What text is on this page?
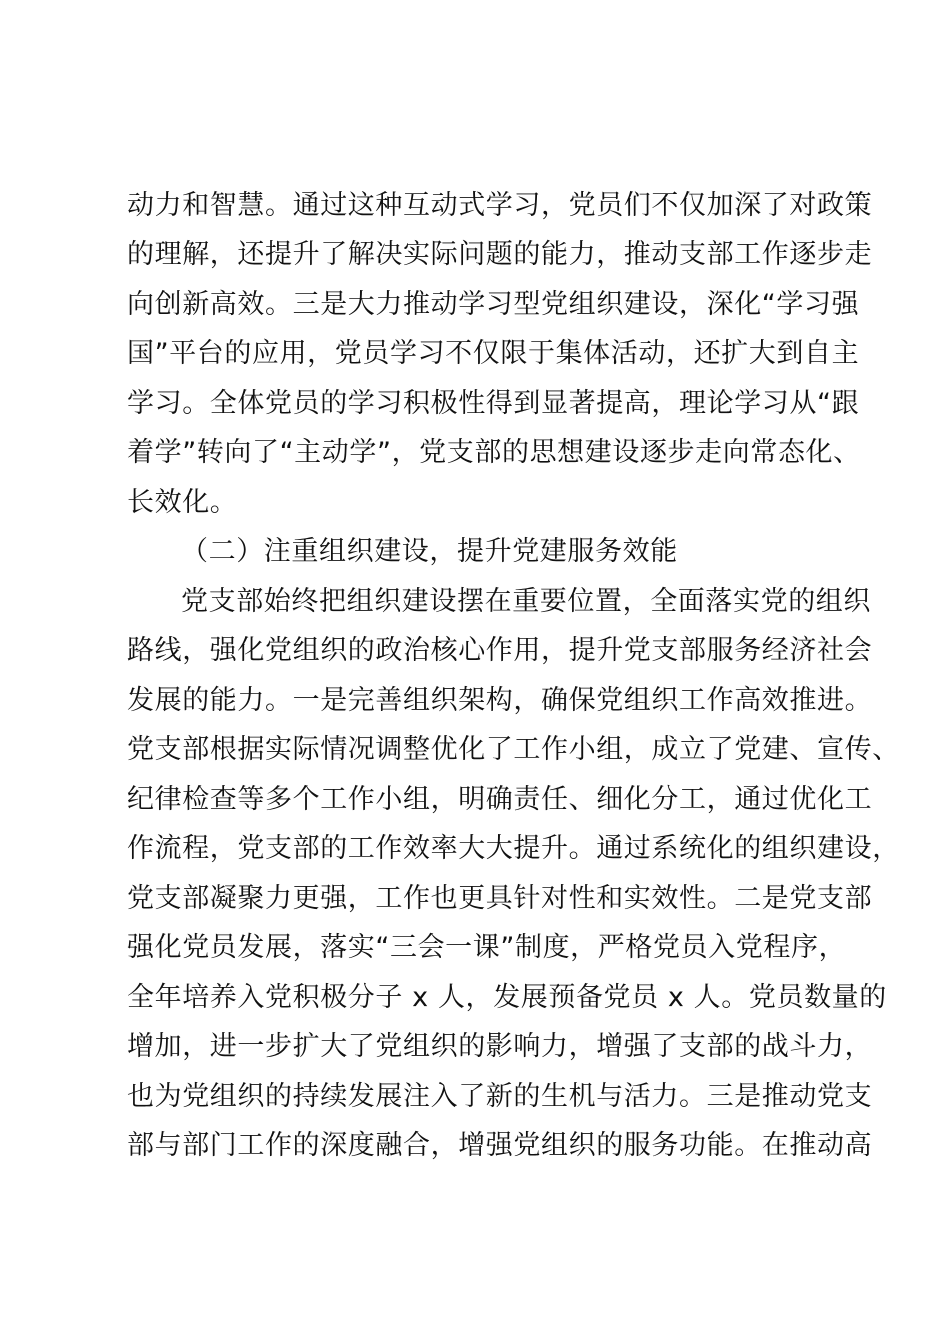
动力和智慧。通过这种互动式学习，党员们不仅加深了对政策
的理解，还提升了解决实际问题的能力，推动支部工作逐步走
向创新高效。三是大力推动学习型党组织建设，深化“学习强
国”平台的应用，党员学习不仅限于集体活动，还扩大到自主
学习。全体党员的学习积极性得到显著提高，理论学习从“跟
着学”转向了“主动学”，党支部的思想建设逐步走向常态化、
长效化。
（二）注重组织建设，提升党建服务效能
党支部始终把组织建设摆在重要位置，全面落实党的组织
路线，强化党组织的政治核心作用，提升党支部服务经济社会
发展的能力。一是完善组织架构，确保党组织工作高效推进。
党支部根据实际情况调整优化了工作小组，成立了党建、宣传、
纪律检查等多个工作小组，明确责任、细化分工，通过优化工
作流程，党支部的工作效率大大提升。通过系统化的组织建设，
党支部凝聚力更强，工作也更具针对性和实效性。二是党支部
强化党员发展，落实“三会一课”制度，严格党员入党程序，
全年培养入党积极分子 x 人，发展预备党员 x 人。党员数量的
增加，进一步扩大了党组织的影响力，增强了支部的战斗力，
也为党组织的持续发展注入了新的生机与活力。三是推动党支
部与部门工作的深度融合，增强党组织的服务功能。在推动高
